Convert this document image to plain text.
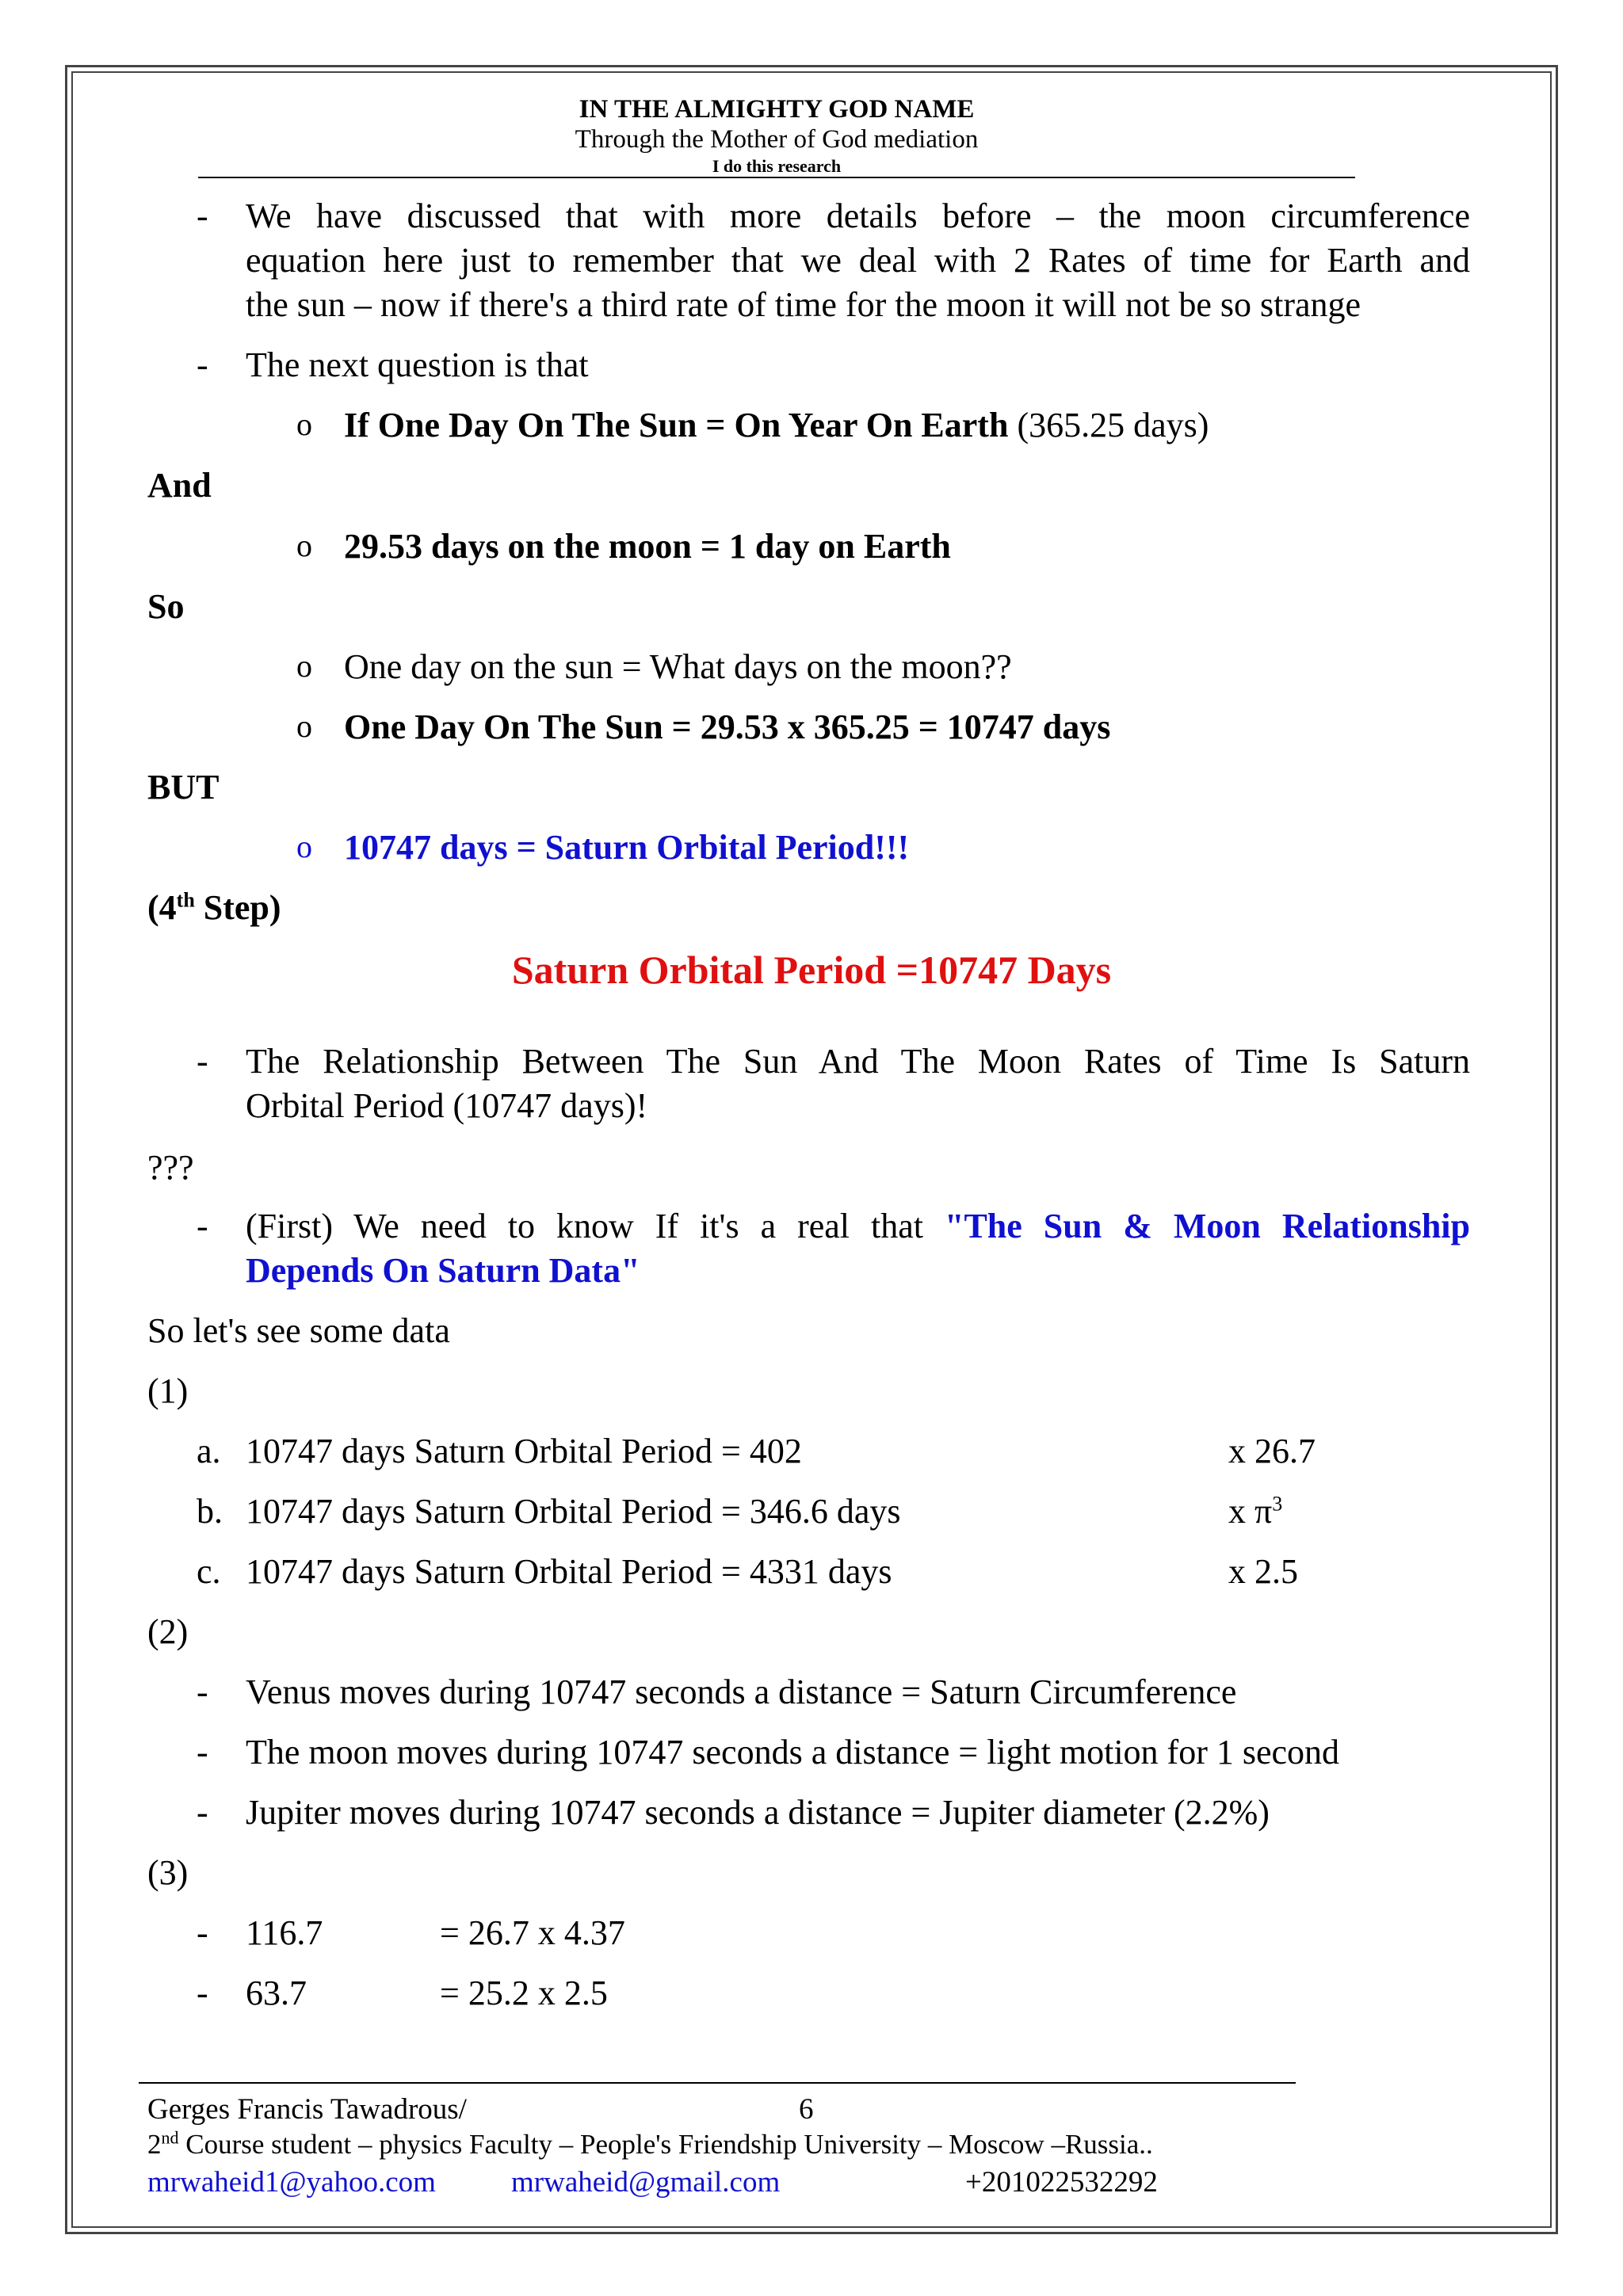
IN THE ALMIGHTY GOD NAME
Through the Mother of God mediation
I do this research
- We have discussed that with more details before – the moon circumference
equation here just to remember that we deal with 2 Rates of time for Earth and
the sun – now if there's a third rate of time for the moon it will not be so strange
- The next question is that
o If One Day On The Sun = On Year On Earth (365.25 days)
And
o 29.53 days on the moon = 1 day on Earth
So
o One day on the sun = What days on the moon??
o One Day On The Sun = 29.53 x 365.25 = 10747 days
BUT
o 10747 days = Saturn Orbital Period!!!
(4th Step)
Saturn Orbital Period =10747 Days
- The Relationship Between The Sun And The Moon Rates of Time Is Saturn
Orbital Period (10747 days)!
???
- (First) We need to know If it's a real that "The Sun & Moon Relationship
Depends On Saturn Data"
So let's see some data
(1)
a. 10747 days Saturn Orbital Period = 402	x 26.7
b. 10747 days Saturn Orbital Period = 346.6 days	x $\pi^3$
c. 10747 days Saturn Orbital Period = 4331 days	x 2.5
(2)
- Venus moves during 10747 seconds a distance = Saturn Circumference
- The moon moves during 10747 seconds a distance = light motion for 1 second
- Jupiter moves during 10747 seconds a distance = Jupiter diameter (2.2%)
(3)
- 116.7	= 26.7 x 4.37
- 63.7	= 25.2 x 2.5
Gerges Francis Tawadrous/	6
2nd Course student – physics Faculty – People's Friendship University – Moscow –Russia..
mrwaheid1@yahoo.com	mrwaheid@gmail.com	+201022532292
